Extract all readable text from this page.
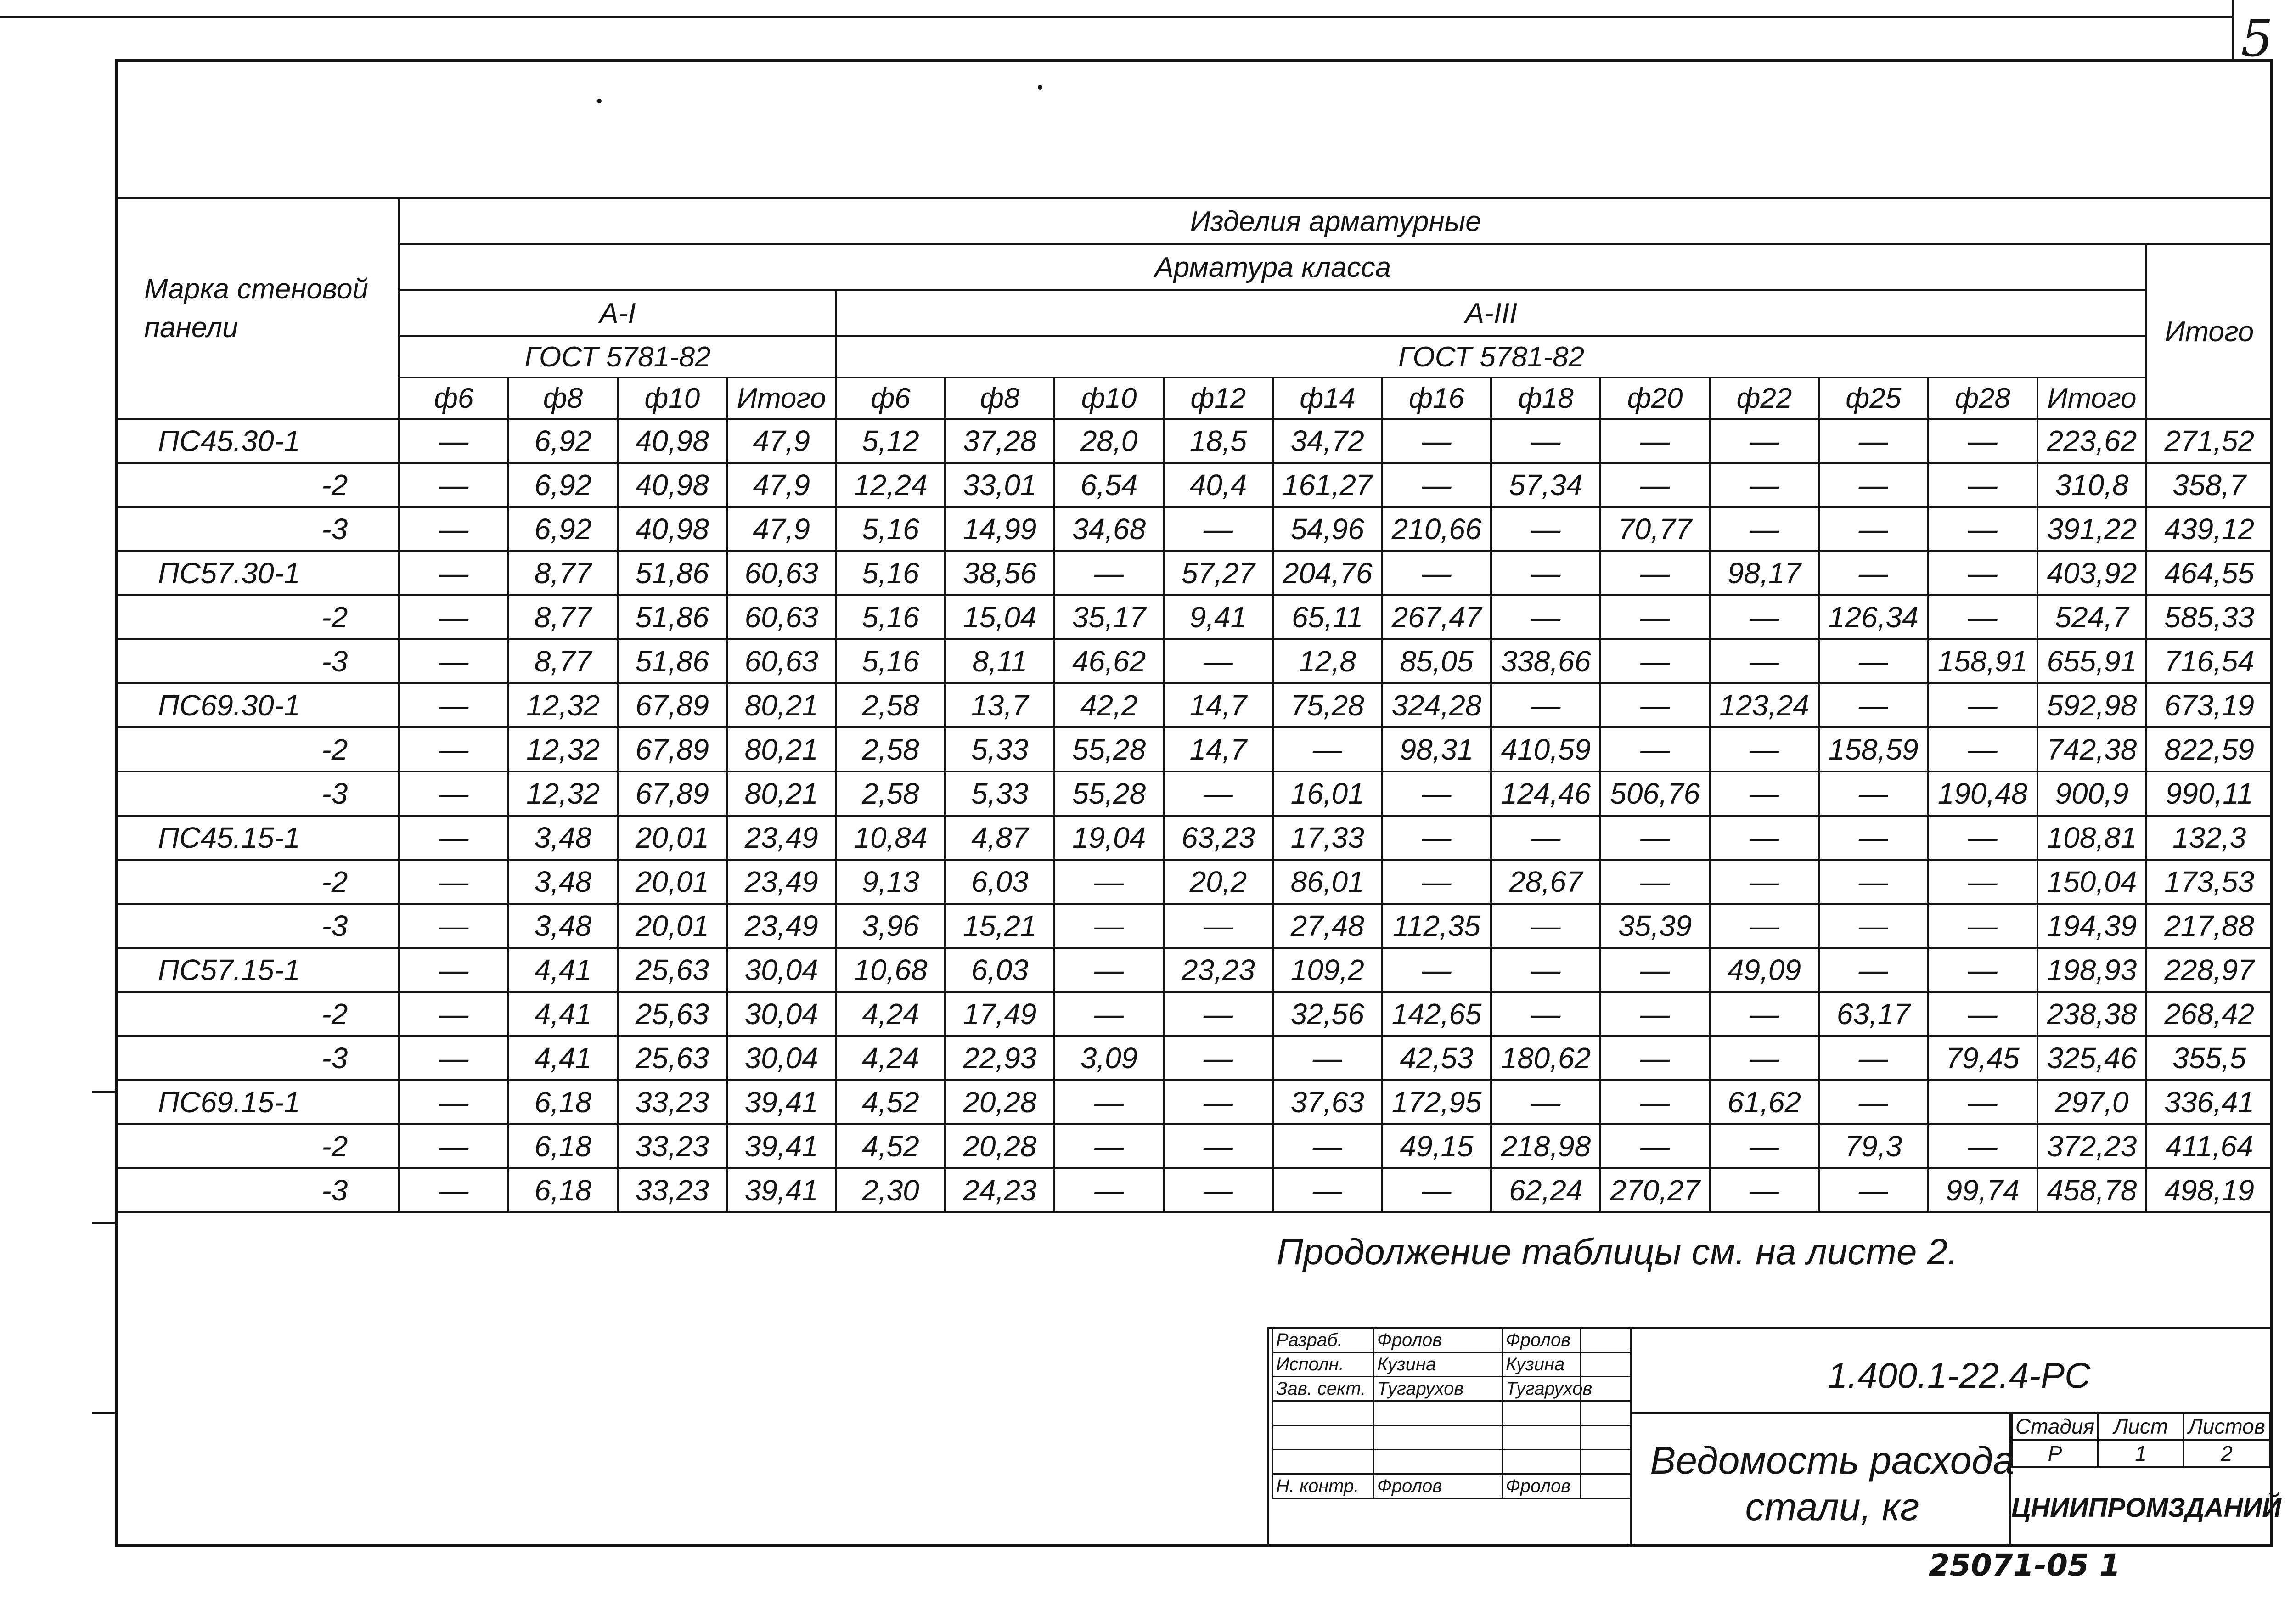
5
Марка стеновой панели	Изделия арматурные																
	Арматура класса																Итого
	А-I				А-III												
	ГОСТ 5781-82				ГОСТ 5781-82												
	ф6	ф8	ф10	Итого	ф6	ф8	ф10	ф12	ф14	ф16	ф18	ф20	ф22	ф25	ф28	Итого	
ПС45.30-1	—	6,92	40,98	47,9	5,12	37,28	28,0	18,5	34,72	—	—	—	—	—	—	223,62	271,52
-2	—	6,92	40,98	47,9	12,24	33,01	6,54	40,4	161,27	—	57,34	—	—	—	—	310,8	358,7
-3	—	6,92	40,98	47,9	5,16	14,99	34,68	—	54,96	210,66	—	70,77	—	—	—	391,22	439,12
ПС57.30-1	—	8,77	51,86	60,63	5,16	38,56	—	57,27	204,76	—	—	—	98,17	—	—	403,92	464,55
-2	—	8,77	51,86	60,63	5,16	15,04	35,17	9,41	65,11	267,47	—	—	—	126,34	—	524,7	585,33
-3	—	8,77	51,86	60,63	5,16	8,11	46,62	—	12,8	85,05	338,66	—	—	—	158,91	655,91	716,54
ПС69.30-1	—	12,32	67,89	80,21	2,58	13,7	42,2	14,7	75,28	324,28	—	—	123,24	—	—	592,98	673,19
-2	—	12,32	67,89	80,21	2,58	5,33	55,28	14,7	—	98,31	410,59	—	—	158,59	—	742,38	822,59
-3	—	12,32	67,89	80,21	2,58	5,33	55,28	—	16,01	—	124,46	506,76	—	—	190,48	900,9	990,11
ПС45.15-1	—	3,48	20,01	23,49	10,84	4,87	19,04	63,23	17,33	—	—	—	—	—	—	108,81	132,3
-2	—	3,48	20,01	23,49	9,13	6,03	—	20,2	86,01	—	28,67	—	—	—	—	150,04	173,53
-3	—	3,48	20,01	23,49	3,96	15,21	—	—	27,48	112,35	—	35,39	—	—	—	194,39	217,88
ПС57.15-1	—	4,41	25,63	30,04	10,68	6,03	—	23,23	109,2	—	—	—	49,09	—	—	198,93	228,97
-2	—	4,41	25,63	30,04	4,24	17,49	—	—	32,56	142,65	—	—	—	63,17	—	238,38	268,42
-3	—	4,41	25,63	30,04	4,24	22,93	3,09	—	—	42,53	180,62	—	—	—	79,45	325,46	355,5
ПС69.15-1	—	6,18	33,23	39,41	4,52	20,28	—	—	37,63	172,95	—	—	61,62	—	—	297,0	336,41
-2	—	6,18	33,23	39,41	4,52	20,28	—	—	—	49,15	218,98	—	—	79,3	—	372,23	411,64
-3	—	6,18	33,23	39,41	2,30	24,23	—	—	—	—	62,24	270,27	—	—	99,74	458,78	498,19
Продолжение таблицы см. на листе 2.
Разраб.	Фролов	Фролов	
Исполн.	Кузина	Кузина	
Зав. сект.	Тугарухов	Тугарухов	

Н. контр.	Фролов	Фролов	
1.400.1-22.4-РС
Ведомость расхода стали, кг
Стадия	Лист	Листов
Р	1	2
ЦНИИПРОМЗДАНИЙ
25071-05 1
